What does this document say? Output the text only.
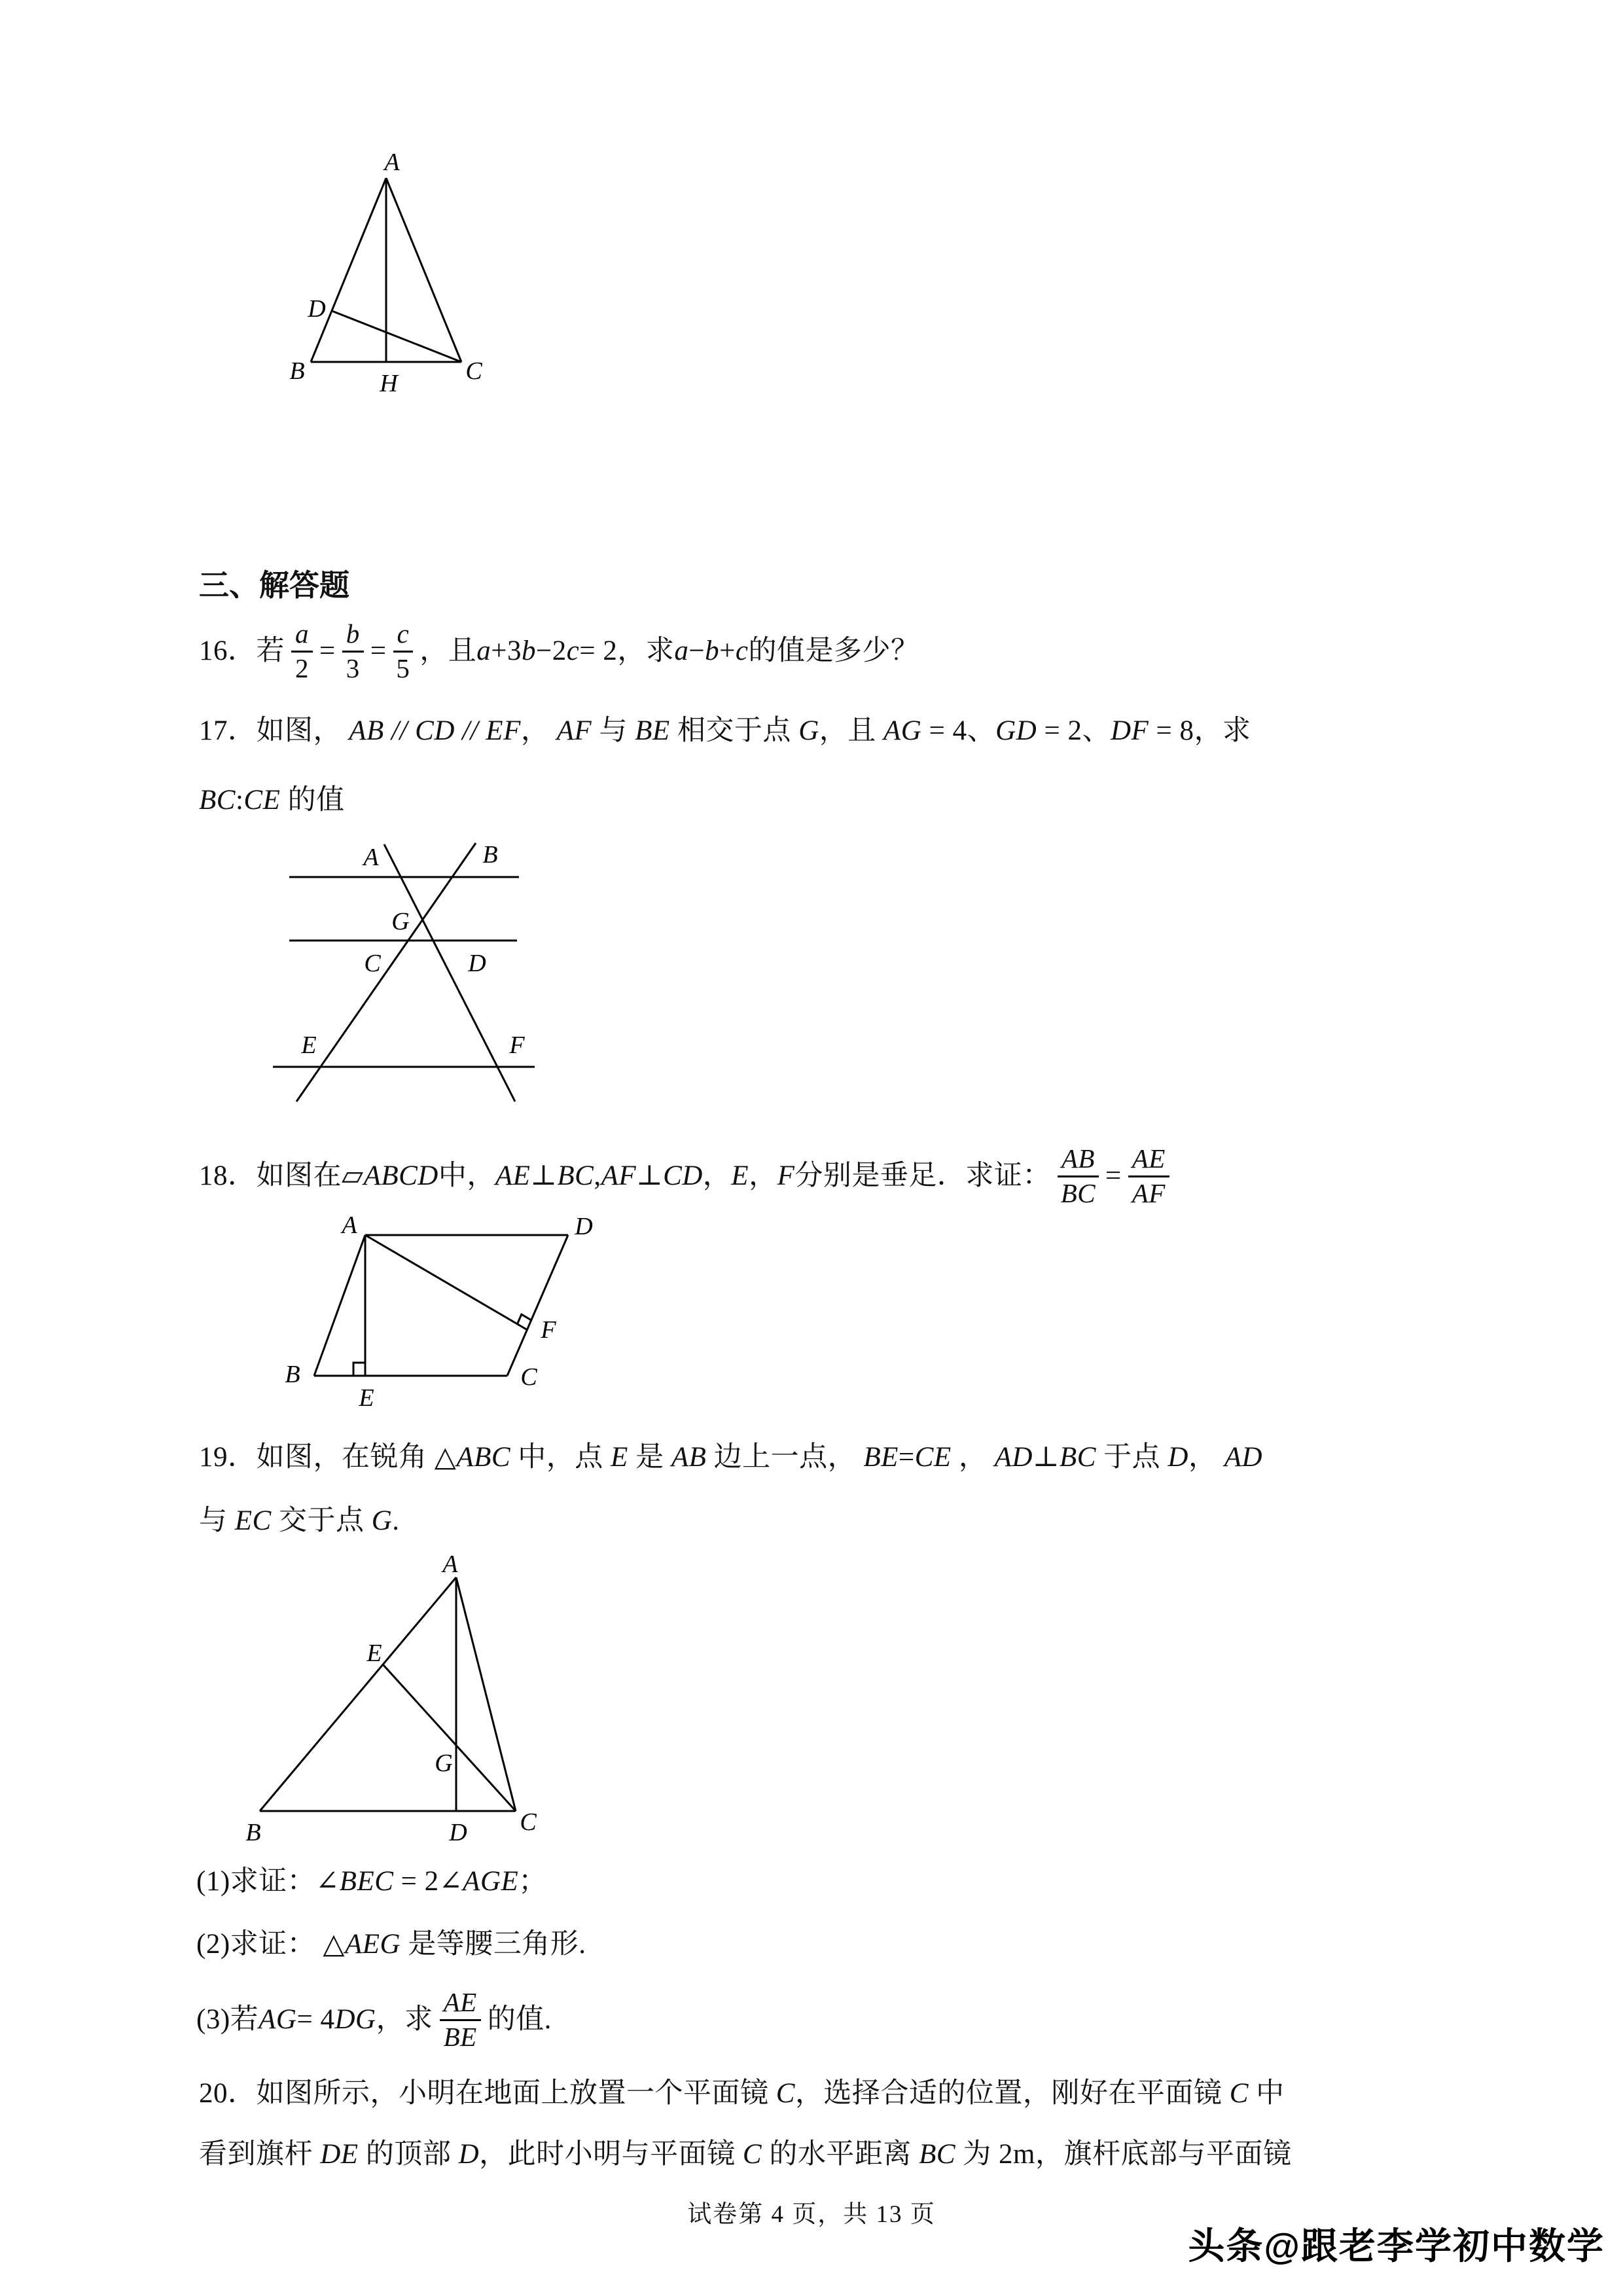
A
D
B	H	C
三、解答题
16．若 $\frac{a}{2} = \frac{b}{3} = \frac{c}{5}$ ，且 a +3 b −2 c = 2 ，求 a − b + c 的值是多少？
17．如图， AB // CD // EF， AF 与 BE 相交于点 G，且 AG = 4、GD = 2、DF = 8，求
BC:CE 的值
A	B
G
C	D
E	F
18．如图在 ▱ ABCD 中， AE ⊥ BC , AF ⊥ CD ， E ， F 分别是垂足．求证： $\frac{AB}{BC} = \frac{AE}{AF}$
A	D
B	C
E
F
19．如图，在锐角 △ABC 中，点 E 是 AB 边上一点， BE=CE ， AD⊥BC 于点 D， AD
与 EC 交于点 G.
A
E
G
B	D C
(1)求证：∠BEC = 2∠AGE；
(2)求证： △AEG 是等腰三角形.
(3)若 AG = 4 DG ，求 $\frac{AE}{BE}$ 的值.
20．如图所示，小明在地面上放置一个平面镜 C，选择合适的位置，刚好在平面镜 C 中
看到旗杆 DE 的顶部 D，此时小明与平面镜 C 的水平距离 BC 为 2m，旗杆底部与平面镜
试卷第 4 页，共 13 页
头条@跟老李学初中数学
